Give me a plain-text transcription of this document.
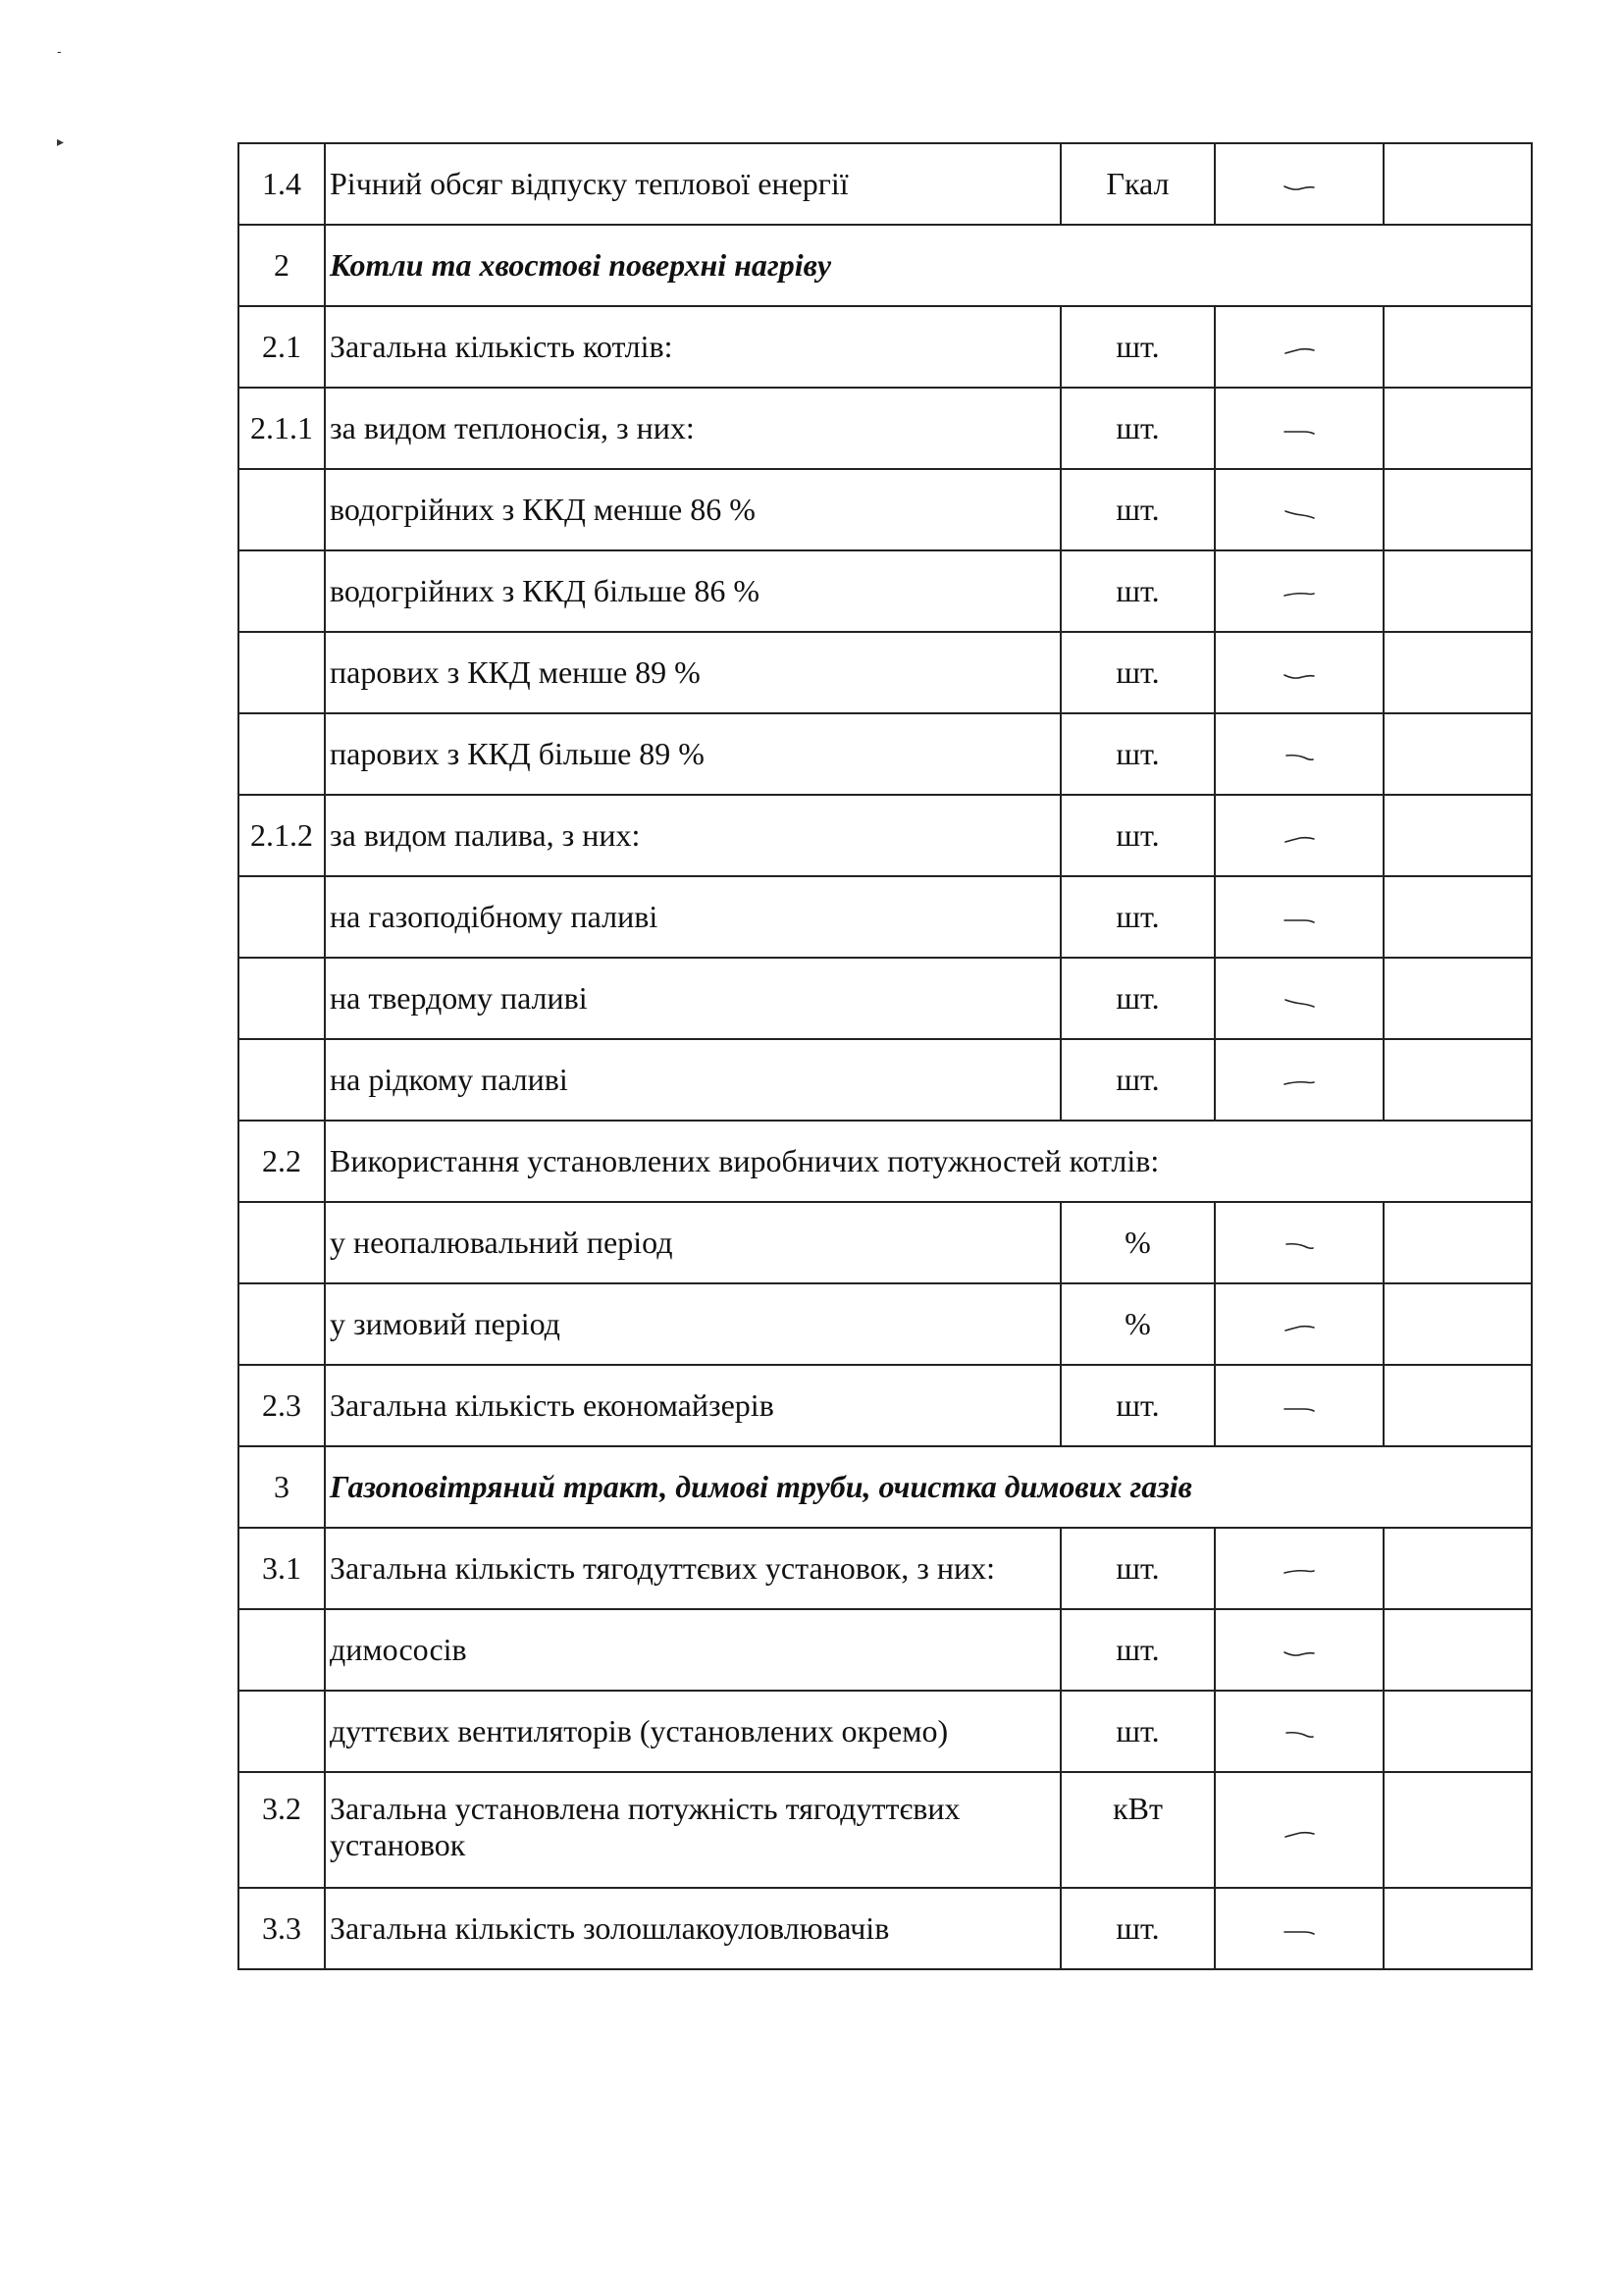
-
▸
1.4	Річний обсяг відпуску теплової енергії	Гкал	

2	Котли та хвостові поверхні нагріву			
2.1	Загальна кількість котлів:	шт.	

2.1.1	за видом теплоносія, з них:	шт.	

	водогрійних з ККД менше 86 %	шт.	

	водогрійних з ККД більше 86 %	шт.	

	парових з ККД менше 89 %	шт.	

	парових з ККД більше 89 %	шт.	

2.1.2	за видом палива, з них:	шт.	

	на газоподібному паливі	шт.	

	на твердому паливі	шт.	

	на рідкому паливі	шт.	

2.2	Використання установлених виробничих потужностей котлів:			
	у неопалювальний період	%	

	у зимовий період	%	

2.3	Загальна кількість економайзерів	шт.	

3	Газоповітряний тракт, димові труби, очистка димових газів			
3.1	Загальна кількість тягодуттєвих установок, з них:	шт.	

	димососів	шт.	

	дуттєвих вентиляторів (установлених окремо)	шт.	

3.2	Загальна установлена потужність тягодуттєвих установок	кВт	

3.3	Загальна кількість золошлакоуловлювачів	шт.	
